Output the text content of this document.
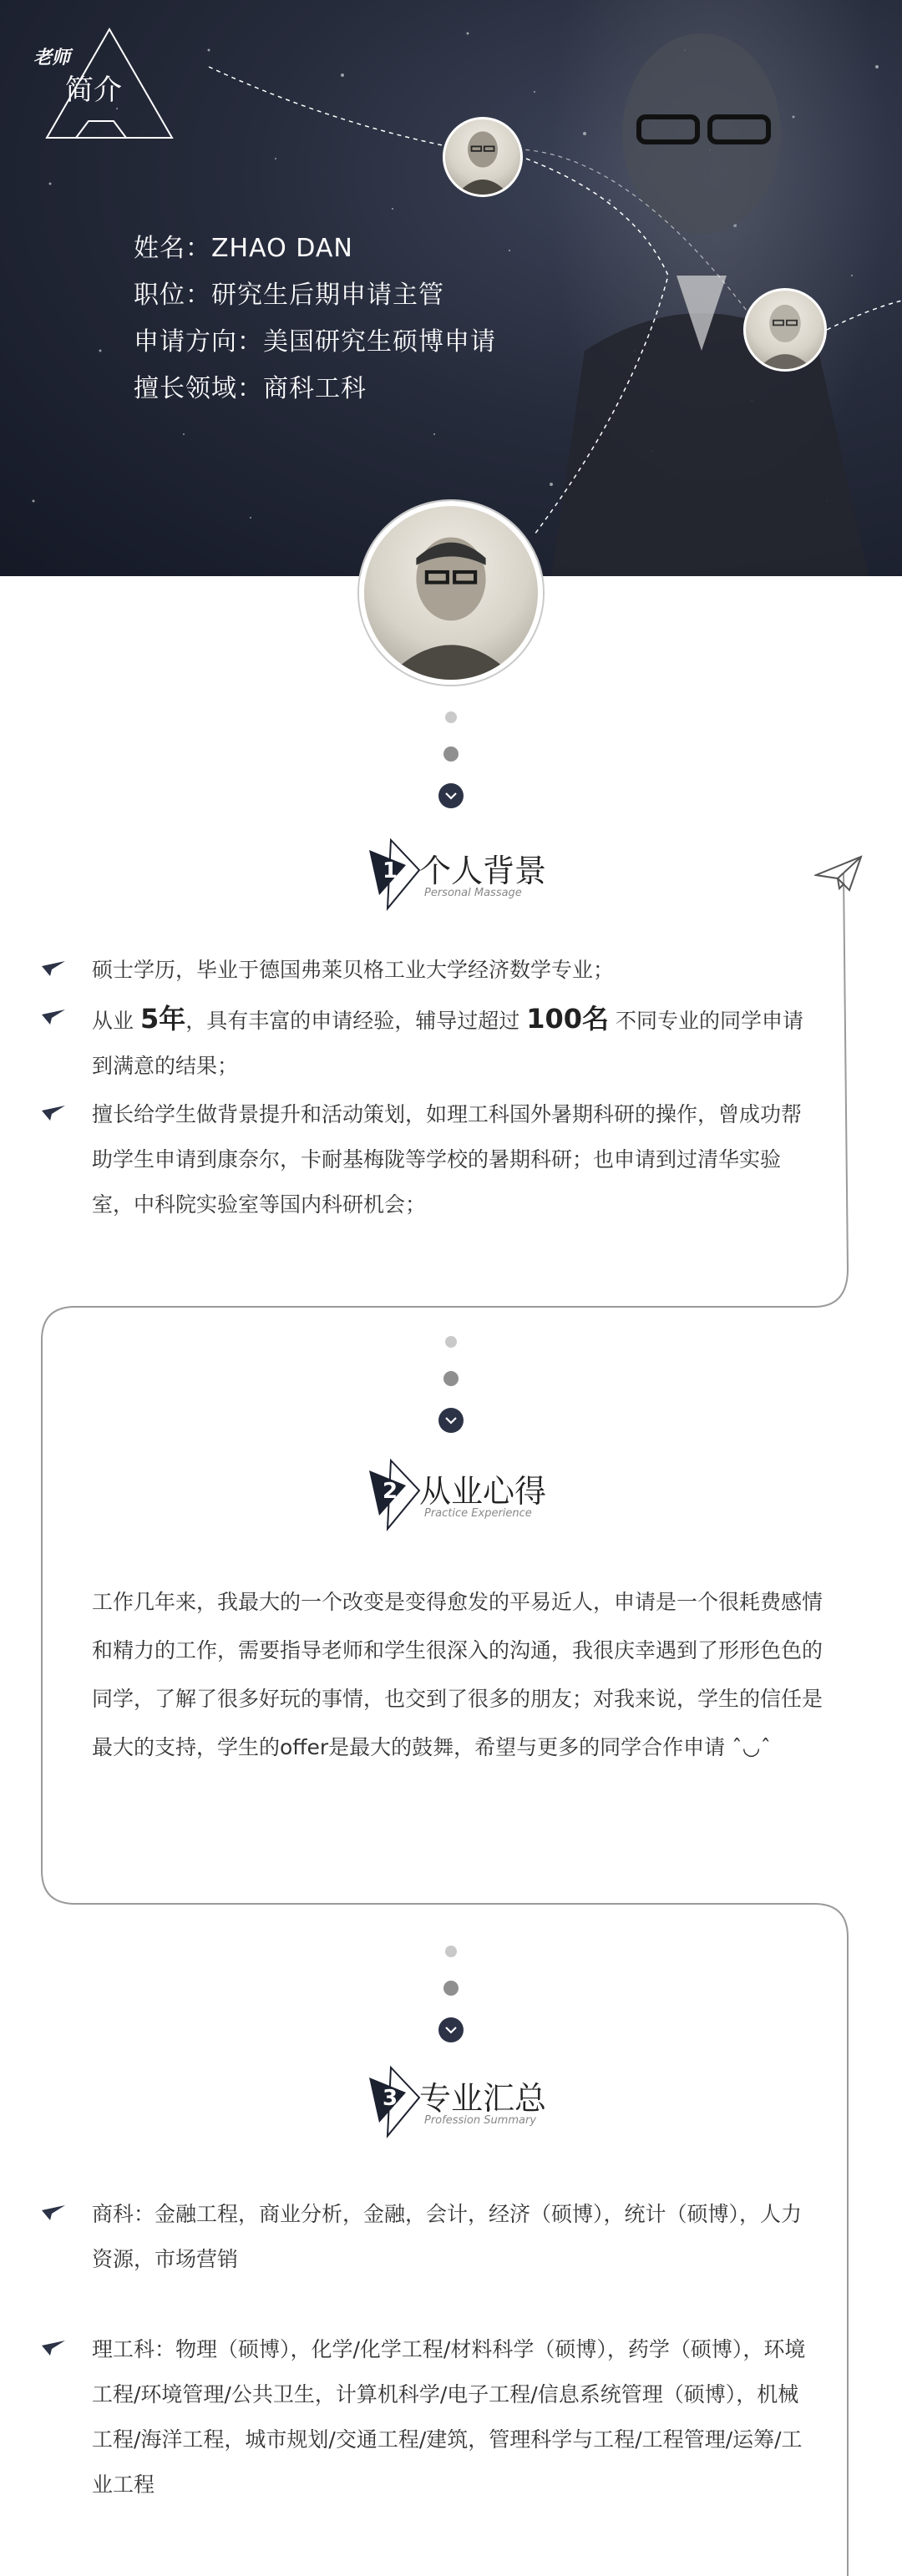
老师
简介
姓名：ZHAO DAN
职位：研究生后期申请主管
申请方向：美国研究生硕博申请
擅长领域：商科工科
1 个人背景
Personal Massage
硕士学历，毕业于德国弗莱贝格工业大学经济数学专业；
从业 5年，具有丰富的申请经验，辅导过超过 100名 不同专业的同学申请到满意的结果；
擅长给学生做背景提升和活动策划，如理工科国外暑期科研的操作，曾成功帮助学生申请到康奈尔，卡耐基梅陇等学校的暑期科研；也申请到过清华实验室，中科院实验室等国内科研机会；
2 从业心得
Practice Experience
工作几年来，我最大的一个改变是变得愈发的平易近人，申请是一个很耗费感情和精力的工作，需要指导老师和学生很深入的沟通，我很庆幸遇到了形形色色的同学，了解了很多好玩的事情，也交到了很多的朋友；对我来说，学生的信任是最大的支持，学生的offer是最大的鼓舞，希望与更多的同学合作申请 ˆ◡ˆ
3 专业汇总
Profession Summary
商科：金融工程，商业分析，金融，会计，经济（硕博），统计（硕博），人力资源，市场营销
理工科：物理（硕博），化学/化学工程/材料科学（硕博），药学（硕博），环境工程/环境管理/公共卫生，计算机科学/电子工程/信息系统管理（硕博），机械工程/海洋工程，城市规划/交通工程/建筑，管理科学与工程/工程管理/运筹/工业工程
